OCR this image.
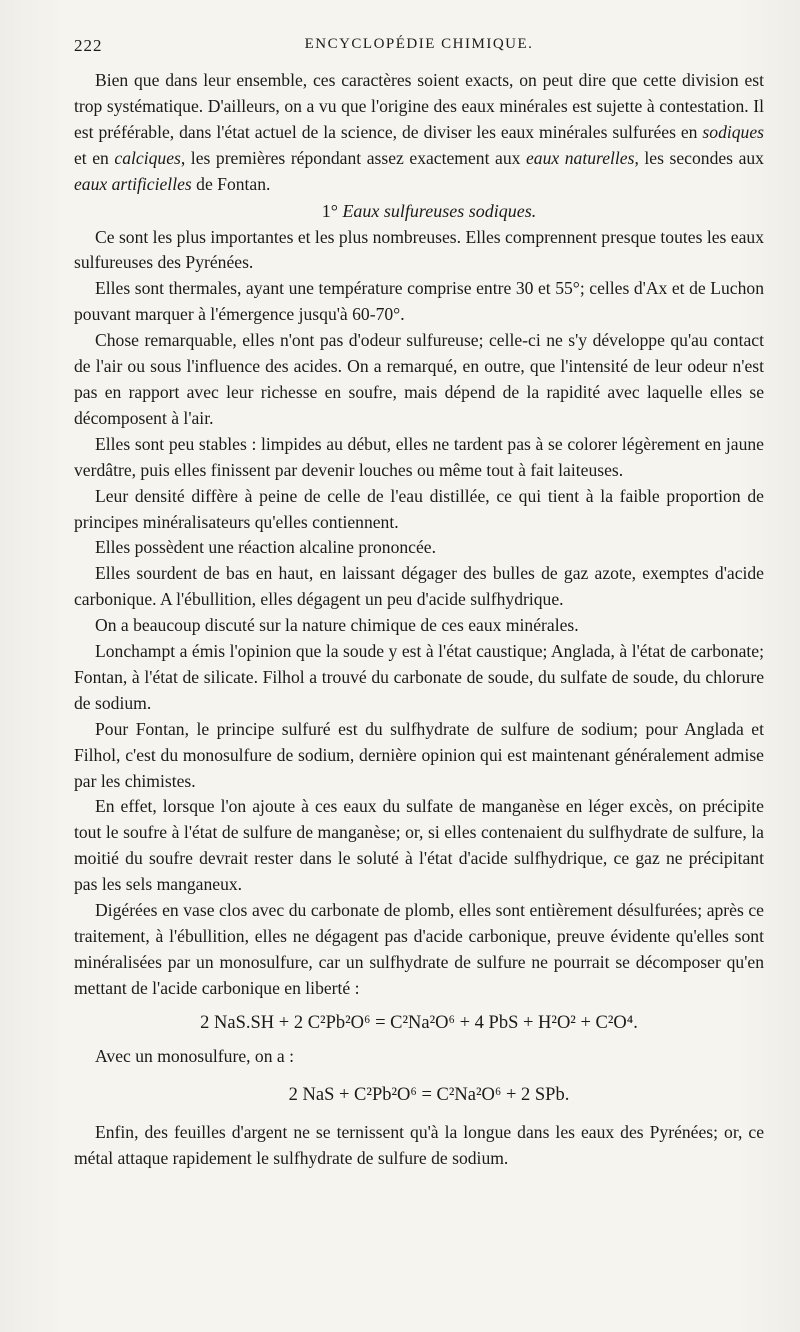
222	ENCYCLOPÉDIE CHIMIQUE.

Bien que dans leur ensemble, ces caractères soient exacts, on peut dire que cette division est trop systématique. D'ailleurs, on a vu que l'origine des eaux minérales est sujette à contestation. Il est préférable, dans l'état actuel de la science, de diviser les eaux minérales sulfurées en sodiques et en calciques, les premières répondant assez exactement aux eaux naturelles, les secondes aux eaux artificielles de Fontan.

1° Eaux sulfureuses sodiques.

Ce sont les plus importantes et les plus nombreuses. Elles comprennent presque toutes les eaux sulfureuses des Pyrénées.

Elles sont thermales, ayant une température comprise entre 30 et 55°; celles d'Ax et de Luchon pouvant marquer à l'émergence jusqu'à 60-70°.

Chose remarquable, elles n'ont pas d'odeur sulfureuse; celle-ci ne s'y développe qu'au contact de l'air ou sous l'influence des acides. On a remarqué, en outre, que l'intensité de leur odeur n'est pas en rapport avec leur richesse en soufre, mais dépend de la rapidité avec laquelle elles se décomposent à l'air.

Elles sont peu stables : limpides au début, elles ne tardent pas à se colorer légèrement en jaune verdâtre, puis elles finissent par devenir louches ou même tout à fait laiteuses.

Leur densité diffère à peine de celle de l'eau distillée, ce qui tient à la faible proportion de principes minéralisateurs qu'elles contiennent.

Elles possèdent une réaction alcaline prononcée.

Elles sourdent de bas en haut, en laissant dégager des bulles de gaz azote, exemptes d'acide carbonique. A l'ébullition, elles dégagent un peu d'acide sulfhydrique.

On a beaucoup discuté sur la nature chimique de ces eaux minérales.

Lonchampt a émis l'opinion que la soude y est à l'état caustique; Anglada, à l'état de carbonate; Fontan, à l'état de silicate. Filhol a trouvé du carbonate de soude, du sulfate de soude, du chlorure de sodium.

Pour Fontan, le principe sulfuré est du sulfhydrate de sulfure de sodium; pour Anglada et Filhol, c'est du monosulfure de sodium, dernière opinion qui est maintenant généralement admise par les chimistes.

En effet, lorsque l'on ajoute à ces eaux du sulfate de manganèse en léger excès, on précipite tout le soufre à l'état de sulfure de manganèse; or, si elles contenaient du sulfhydrate de sulfure, la moitié du soufre devrait rester dans le soluté à l'état d'acide sulfhydrique, ce gaz ne précipitant pas les sels manganeux.

Digérées en vase clos avec du carbonate de plomb, elles sont entièrement désulfurées; après ce traitement, à l'ébullition, elles ne dégagent pas d'acide carbonique, preuve évidente qu'elles sont minéralisées par un monosulfure, car un sulfhydrate de sulfure ne pourrait se décomposer qu'en mettant de l'acide carbonique en liberté :

2 NaS.SH + 2 C²Pb²O⁶ = C²Na²O⁶ + 4 PbS + H²O² + C²O⁴.

Avec un monosulfure, on a :

2 NaS + C²Pb²O⁶ = C²Na²O⁶ + 2 SPb.

Enfin, des feuilles d'argent ne se ternissent qu'à la longue dans les eaux des Pyrénées; or, ce métal attaque rapidement le sulfhydrate de sulfure de sodium.
